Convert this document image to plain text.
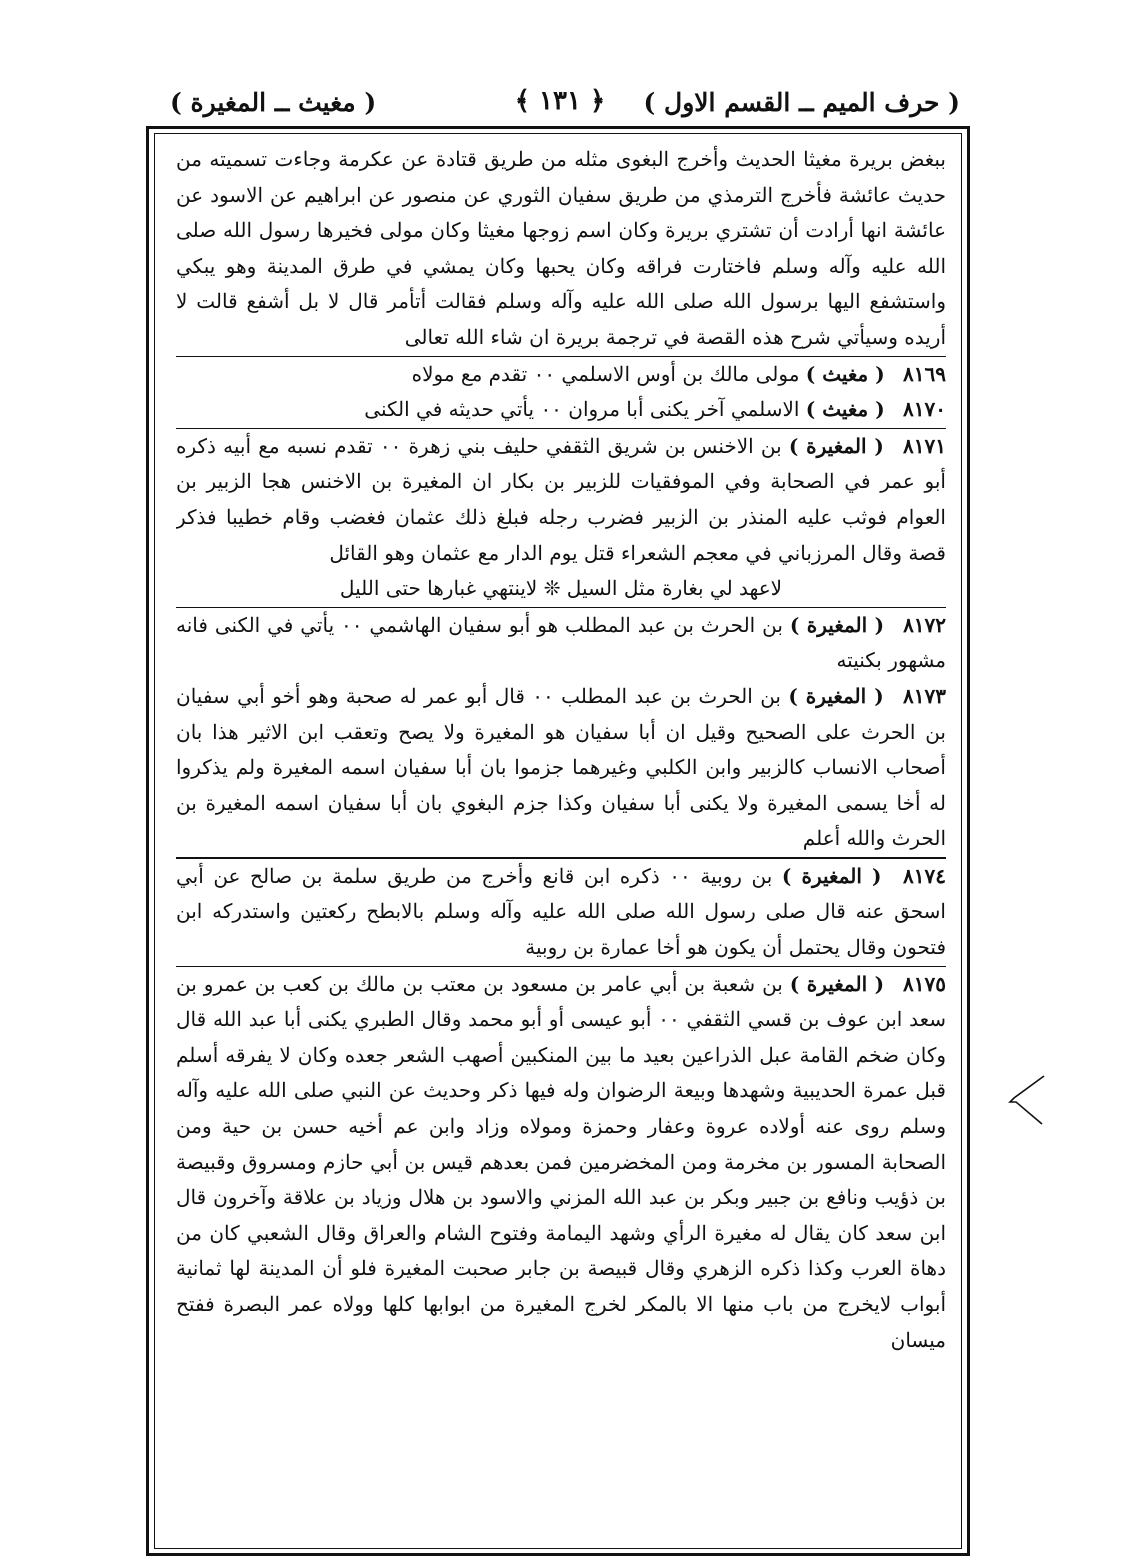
( حرف الميم ــ القسم الاول )
﴿ ١٣١ ﴾
( مغيث ــ المغيرة )

ببغض بريرة مغيثا الحديث وأخرج البغوى مثله من طريق قتادة عن عكرمة وجاءت تسميته من حديث عائشة فأخرج الترمذي من طريق سفيان الثوري عن منصور عن ابراهيم عن الاسود عن عائشة انها أرادت أن تشتري بريرة وكان اسم زوجها مغيثا وكان مولى فخيرها رسول الله صلى الله عليه وآله وسلم فاختارت فراقه وكان يحبها وكان يمشي في طرق المدينة وهو يبكي واستشفع اليها برسول الله صلى الله عليه وآله وسلم فقالت أتأمر قال لا بل أشفع قالت لا أريده وسيأتي شرح هذه القصة في ترجمة بريرة ان شاء الله تعالى

٨١٦٩ ( مغيث ) مولى مالك بن أوس الاسلمي ٠٠ تقدم مع مولاه

٨١٧٠ ( مغيث ) الاسلمي آخر يكنى أبا مروان ٠٠ يأتي حديثه في الكنى

٨١٧١ ( المغيرة ) بن الاخنس بن شريق الثقفي حليف بني زهرة ٠٠ تقدم نسبه مع أبيه ذكره أبو عمر في الصحابة وفي الموفقيات للزبير بن بكار ان المغيرة بن الاخنس هجا الزبير بن العوام فوثب عليه المنذر بن الزبير فضرب رجله فبلغ ذلك عثمان فغضب وقام خطيبا فذكر قصة وقال المرزباني في معجم الشعراء قتل يوم الدار مع عثمان وهو القائل

لاعهد لي بغارة مثل السيل ❊ لاينتهي غبارها حتى الليل

٨١٧٢ ( المغيرة ) بن الحرث بن عبد المطلب هو أبو سفيان الهاشمي ٠٠ يأتي في الكنى فانه مشهور بكنيته

٨١٧٣ ( المغيرة ) بن الحرث بن عبد المطلب ٠٠ قال أبو عمر له صحبة وهو أخو أبي سفيان بن الحرث على الصحيح وقيل ان أبا سفيان هو المغيرة ولا يصح وتعقب ابن الاثير هذا بان أصحاب الانساب كالزبير وابن الكلبي وغيرهما جزموا بان أبا سفيان اسمه المغيرة ولم يذكروا له أخا يسمى المغيرة ولا يكنى أبا سفيان وكذا جزم البغوي بان أبا سفيان اسمه المغيرة بن الحرث والله أعلم

٨١٧٤ ( المغيرة ) بن روبية ٠٠ ذكره ابن قانع وأخرج من طريق سلمة بن صالح عن أبي اسحق عنه قال صلى رسول الله صلى الله عليه وآله وسلم بالابطح ركعتين واستدركه ابن فتحون وقال يحتمل أن يكون هو أخا عمارة بن روبية

٨١٧٥ ( المغيرة ) بن شعبة بن أبي عامر بن مسعود بن معتب بن مالك بن كعب بن عمرو بن سعد ابن عوف بن قسي الثقفي ٠٠ أبو عيسى أو أبو محمد وقال الطبري يكنى أبا عبد الله قال وكان ضخم القامة عبل الذراعين بعيد ما بين المنكبين أصهب الشعر جعده وكان لا يفرقه أسلم قبل عمرة الحديبية وشهدها وبيعة الرضوان وله فيها ذكر وحديث عن النبي صلى الله عليه وآله وسلم روى عنه أولاده عروة وعفار وحمزة ومولاه وزاد وابن عم أخيه حسن بن حية ومن الصحابة المسور بن مخرمة ومن المخضرمين فمن بعدهم قيس بن أبي حازم ومسروق وقبيصة بن ذؤيب ونافع بن جبير وبكر بن عبد الله المزني والاسود بن هلال وزياد بن علاقة وآخرون قال ابن سعد كان يقال له مغيرة الرأي وشهد اليمامة وفتوح الشام والعراق وقال الشعبي كان من دهاة العرب وكذا ذكره الزهري وقال قبيصة بن جابر صحبت المغيرة فلو أن المدينة لها ثمانية أبواب لايخرج من باب منها الا بالمكر لخرج المغيرة من ابوابها كلها وولاه عمر البصرة ففتح ميسان
